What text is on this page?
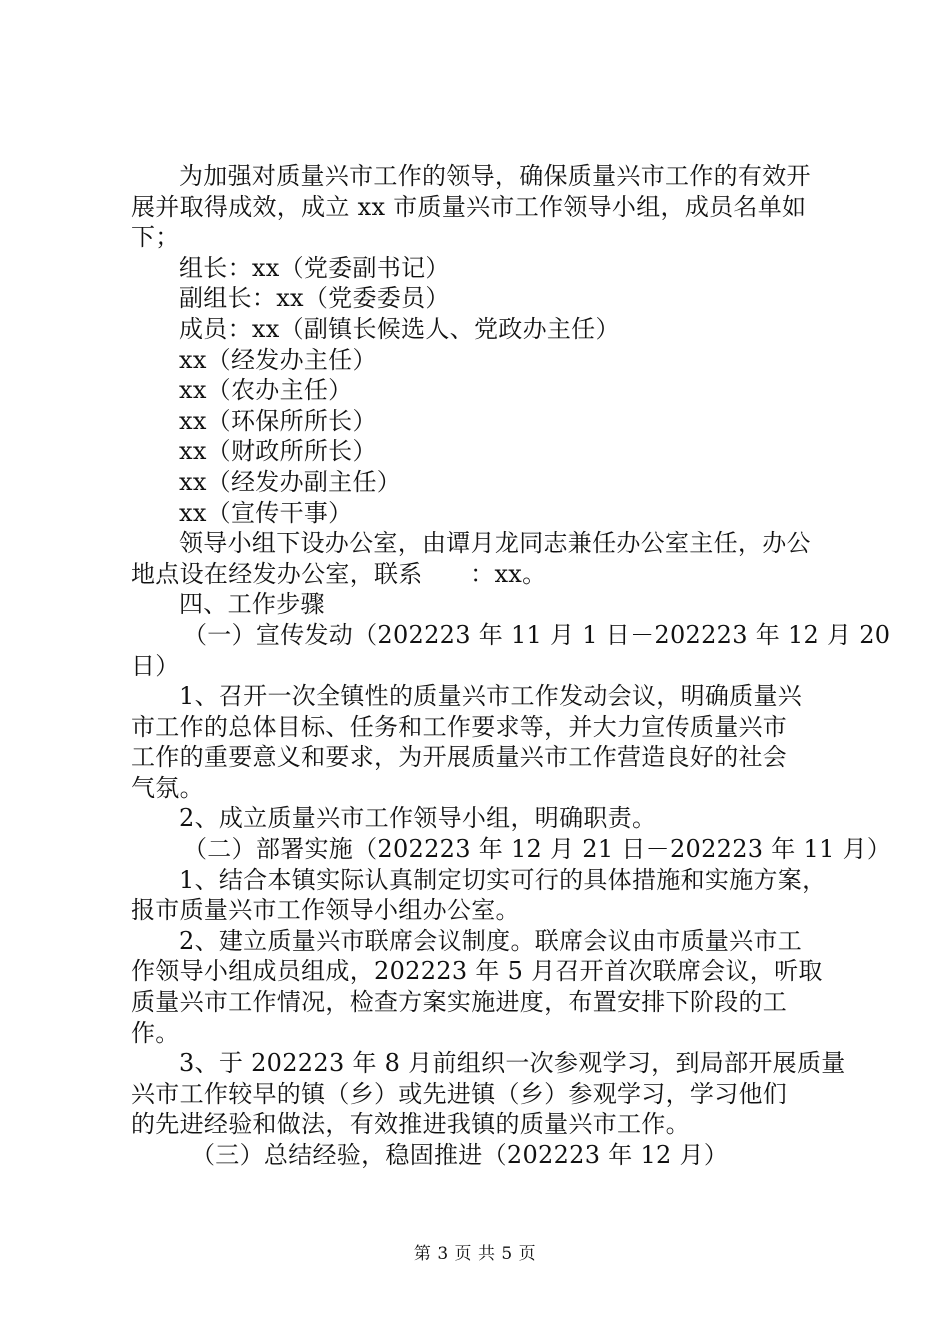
为加强对质量兴市工作的领导，确保质量兴市工作的有效开
展并取得成效，成立 xx 市质量兴市工作领导小组，成员名单如
下；
组长：xx（党委副书记）
副组长：xx（党委委员）
成员：xx（副镇长候选人、党政办主任）
xx（经发办主任）
xx（农办主任）
xx（环保所所长）
xx（财政所所长）
xx（经发办副主任）
xx（宣传干事）
领导小组下设办公室，由谭月龙同志兼任办公室主任，办公
地点设在经发办公室，联系      ：xx。
四、工作步骤
（一）宣传发动（202223 年 11 月 1 日－202223 年 12 月 20
日）
1、召开一次全镇性的质量兴市工作发动会议，明确质量兴
市工作的总体目标、任务和工作要求等，并大力宣传质量兴市
工作的重要意义和要求，为开展质量兴市工作营造良好的社会
气氛。
2、成立质量兴市工作领导小组，明确职责。
（二）部署实施（202223 年 12 月 21 日－202223 年 11 月）
1、结合本镇实际认真制定切实可行的具体措施和实施方案，
报市质量兴市工作领导小组办公室。
2、建立质量兴市联席会议制度。联席会议由市质量兴市工
作领导小组成员组成，202223 年 5 月召开首次联席会议，听取
质量兴市工作情况，检查方案实施进度，布置安排下阶段的工
作。
3、于 202223 年 8 月前组织一次参观学习，到局部开展质量
兴市工作较早的镇（乡）或先进镇（乡）参观学习，学习他们
的先进经验和做法，有效推进我镇的质量兴市工作。
（三）总结经验，稳固推进（202223 年 12 月）
第 3 页 共 5 页
